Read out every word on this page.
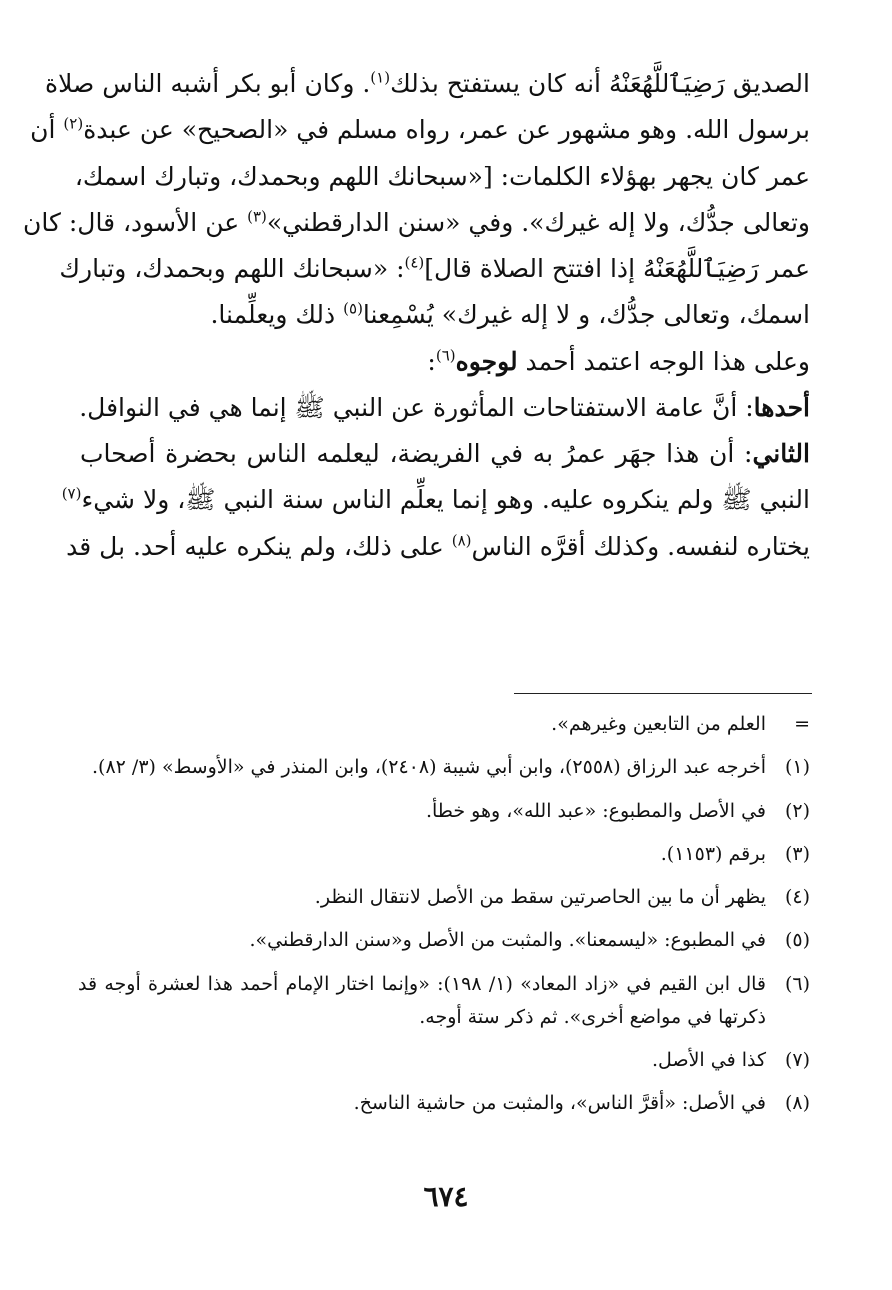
الصديق رَضِيَٱللَّهُعَنْهُ أنه كان يستفتح بذلك$^{(١)}$. وكان أبو بكر أشبه الناس صلاة
برسول الله. وهو مشهور عن عمر، رواه مسلم في «الصحيح» عن عبدة$^{(٢)}$ أن
عمر كان يجهر بهؤلاء الكلمات: [«سبحانك اللهم وبحمدك، وتبارك اسمك،
وتعالى جدُّك، ولا إله غيرك». وفي «سنن الدارقطني»$^{(٣)}$ عن الأسود، قال: كان
عمر رَضِيَٱللَّهُعَنْهُ إذا افتتح الصلاة قال]$^{(٤)}$: «سبحانك اللهم وبحمدك، وتبارك
اسمك، وتعالى جدُّك، و لا إله غيرك» يُسْمِعنا$^{(٥)}$ ذلك ويعلِّمنا.
وعلى هذا الوجه اعتمد أحمد لوجوه$^{(٦)}$:
أحدها: أنَّ عامة الاستفتاحات المأثورة عن النبي ﷺ إنما هي في النوافل.
الثاني: أن هذا جهَر عمرُ به في الفريضة، ليعلمه الناس بحضرة أصحاب
النبي ﷺ ولم ينكروه عليه. وهو إنما يعلِّم الناس سنة النبي ﷺ، ولا شيء$^{(٧)}$
يختاره لنفسه. وكذلك أقرَّه الناس$^{(٨)}$ على ذلك، ولم ينكره عليه أحد. بل قد
=
العلم من التابعين وغيرهم».
(١)
أخرجه عبد الرزاق (٢٥٥٨)، وابن أبي شيبة (٢٤٠٨)، وابن المنذر في «الأوسط» (٣/ ٨٢).
(٢)
في الأصل والمطبوع: «عبد الله»، وهو خطأ.
(٣)
برقم (١١٥٣).
(٤)
يظهر أن ما بين الحاصرتين سقط من الأصل لانتقال النظر.
(٥)
في المطبوع: «ليسمعنا». والمثبت من الأصل و«سنن الدارقطني».
(٦)
قال ابن القيم في «زاد المعاد» (١/ ١٩٨): «وإنما اختار الإمام أحمد هذا لعشرة أوجه قد ذكرتها في مواضع أخرى». ثم ذكر ستة أوجه.
(٧)
كذا في الأصل.
(٨)
في الأصل: «أقرَّ الناس»، والمثبت من حاشية الناسخ.
٦٧٤
